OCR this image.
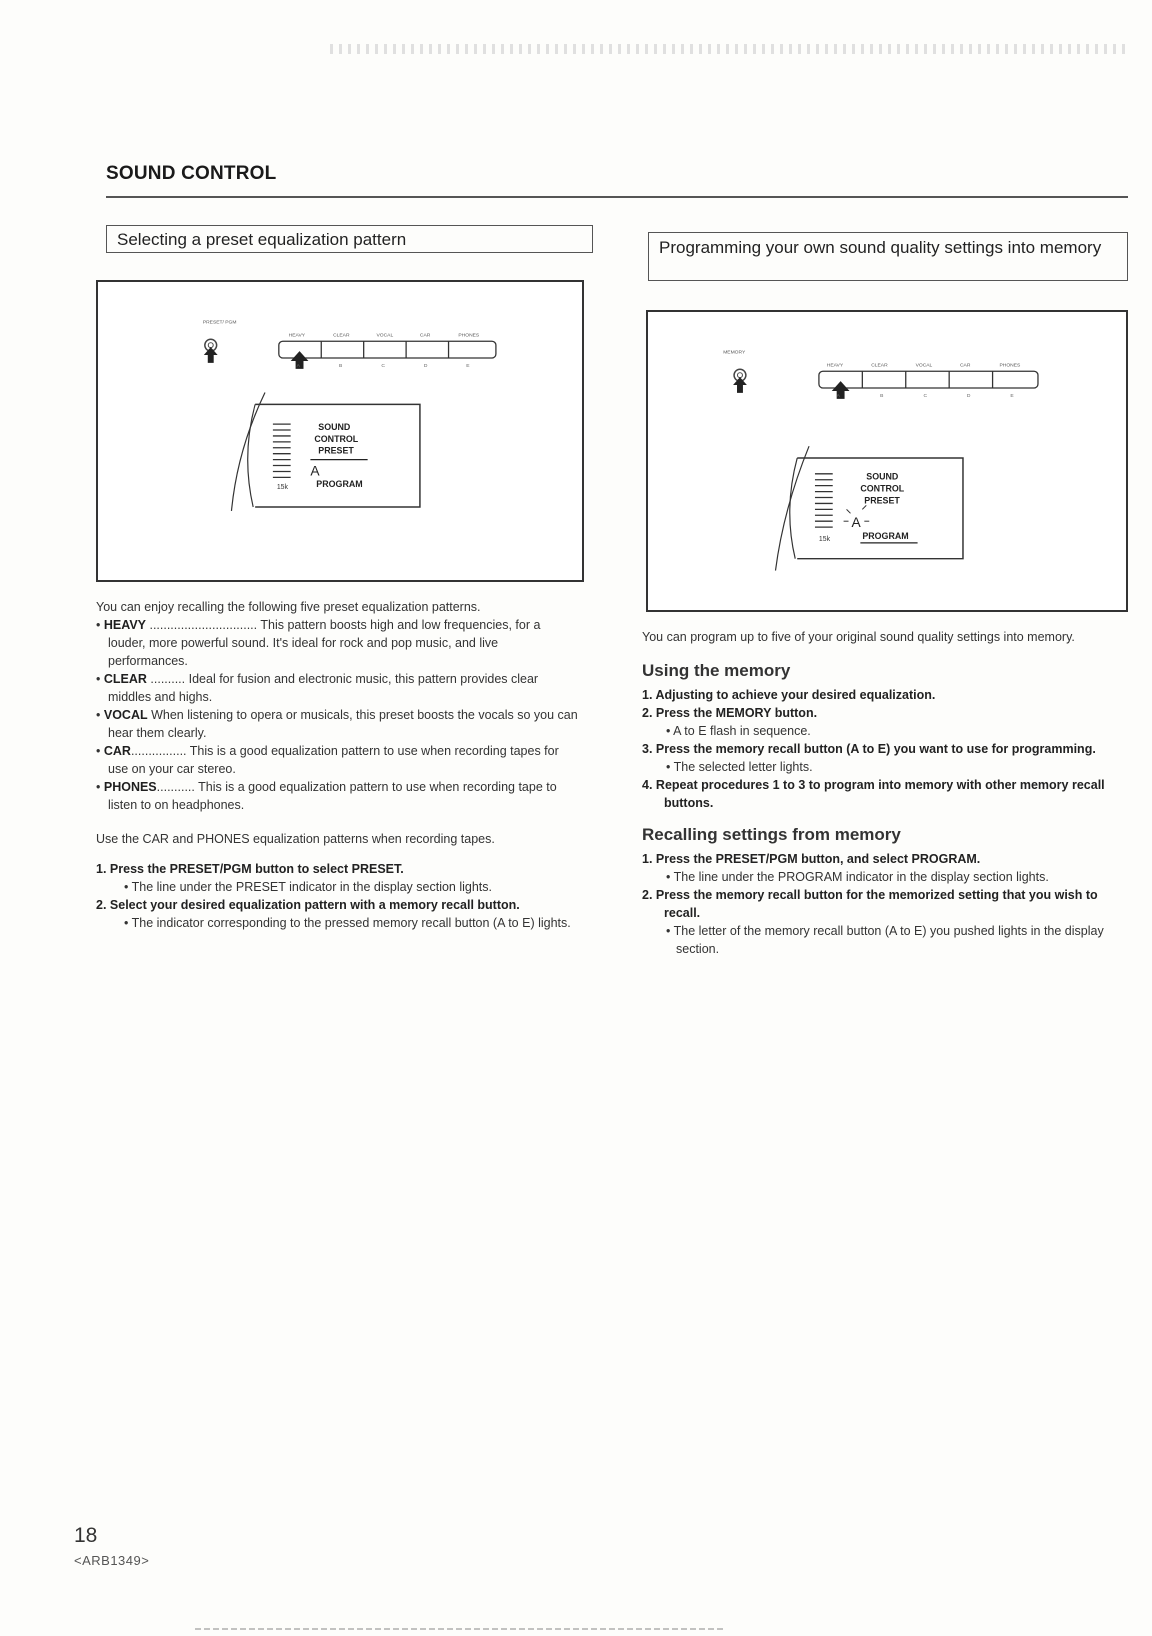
SOUND CONTROL
Selecting a preset equalization pattern
PRESET/ PGM
HEAVY	CLEAR	VOCAL	CAR	PHONES
A	B	C	D	E
SOUND
CONTROL
PRESET
A
15k	PROGRAM

You can enjoy recalling the following five preset equalization patterns.

• HEAVY ............................... This pattern boosts high and low frequencies, for a louder, more powerful sound. It's ideal for rock and pop music, and live performances.

• CLEAR .......... Ideal for fusion and electronic music, this pattern provides clear middles and highs.

• VOCAL When listening to opera or musicals, this preset boosts the vocals so you can hear them clearly.

• CAR................ This is a good equalization pattern to use when recording tapes for use on your car stereo.

• PHONES........... This is a good equalization pattern to use when recording tape to listen to on headphones.

Use the CAR and PHONES equalization patterns when recording tapes.

1. Press the PRESET/PGM button to select PRESET.

• The line under the PRESET indicator in the display section lights.

2. Select your desired equalization pattern with a memory recall button.

• The indicator corresponding to the pressed memory recall button (A to E) lights.

Programming your own sound quality settings into memory
MEMORY
HEAVY	CLEAR	VOCAL	CAR	PHONES
A	B	C	D	E
SOUND
CONTROL
PRESET
A
15k	PROGRAM

You can program up to five of your original sound quality settings into memory.

Using the memory

1. Adjusting to achieve your desired equalization.

2. Press the MEMORY button.

• A to E flash in sequence.

3. Press the memory recall button (A to E) you want to use for programming.

• The selected letter lights.

4. Repeat procedures 1 to 3 to program into memory with other memory recall buttons.

Recalling settings from memory

1. Press the PRESET/PGM button, and select PROGRAM.

• The line under the PROGRAM indicator in the display section lights.

2. Press the memory recall button for the memorized setting that you wish to recall.

• The letter of the memory recall button (A to E) you pushed lights in the display section.

18
<ARB1349>
